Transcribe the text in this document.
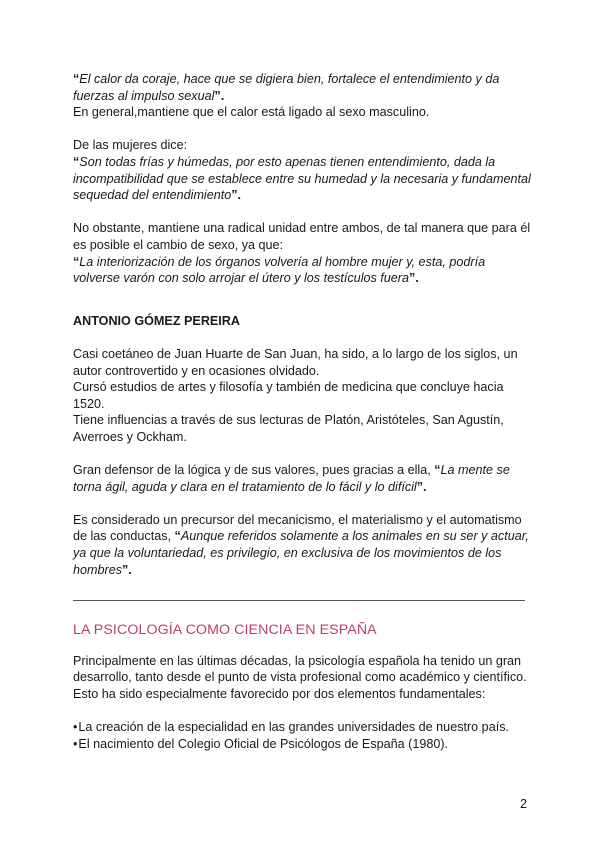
“El calor da coraje, hace que se digiera bien, fortalece el entendimiento y da fuerzas al impulso sexual”.

En general,mantiene que el calor está ligado al sexo masculino.

De las mujeres dice:

“Son todas frías y húmedas, por esto apenas tienen entendimiento, dada la incompatibilidad que se establece entre su humedad y la necesaria y fundamental sequedad del entendimiento”.

No obstante, mantiene una radical unidad entre ambos, de tal manera que para él es posible el cambio de sexo, ya que:

“La interiorización de los órganos volvería al hombre mujer y, esta, podría volverse varón con solo arrojar el útero y los testículos fuera”.

ANTONIO GÓMEZ PEREIRA

Casi coetáneo de Juan Huarte de San Juan, ha sido, a lo largo de los siglos, un autor controvertido y en ocasiones olvidado.

Cursó estudios de artes y filosofía y también de medicina que concluye hacia 1520.

Tiene influencias a través de sus lecturas de Platón, Aristóteles, San Agustín, Averroes y Ockham.

Gran defensor de la lógica y de sus valores, pues gracias a ella, “La mente se torna ágil, aguda y clara en el tratamiento de lo fácil y lo difícil”.

Es considerado un precursor del mecanicismo, el materialismo y el automatismo de las conductas, “Aunque referidos solamente a los animales en su ser y actuar, ya que la voluntariedad, es privilegio, en exclusiva de los movimientos de los hombres”.

LA PSICOLOGÍA COMO CIENCIA EN ESPAÑA

Principalmente en las últimas décadas, la psicología española ha tenido un gran desarrollo, tanto desde el punto de vista profesional como académico y científico. Esto ha sido especialmente favorecido por dos elementos fundamentales:

• La creación de la especialidad en las grandes universidades de nuestro país.

• El nacimiento del Colegio Oficial de Psicólogos de España (1980).

2
